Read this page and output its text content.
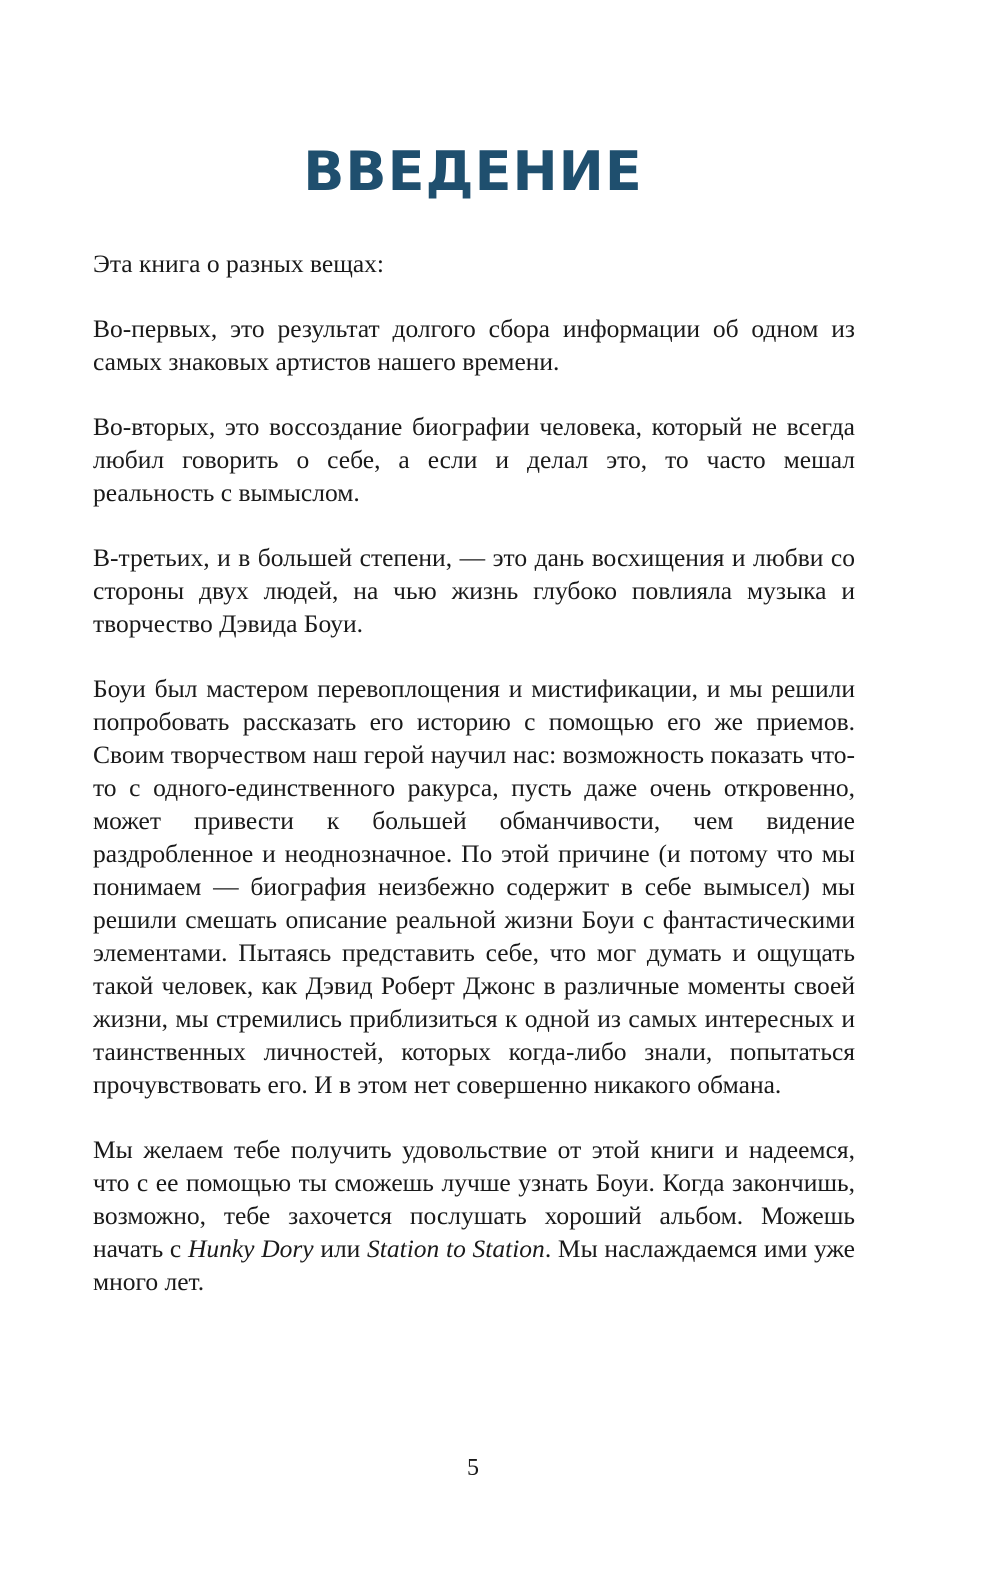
ВВЕДЕНИЕ

Эта книга о разных вещах:

Во-первых, это результат долгого сбора информации об одном из самых знаковых артистов нашего времени.

Во-вторых, это воссоздание биографии человека, который не всегда любил говорить о себе, а если и делал это, то часто мешал реальность с вымыслом.

В-третьих, и в большей степени, — это дань восхищения и любви со стороны двух людей, на чью жизнь глубоко повлияла музыка и творчество Дэвида Боуи.

Боуи был мастером перевоплощения и мистификации, и мы решили попробовать рассказать его историю с помощью его же приемов. Своим творчеством наш герой научил нас: возможность показать что-то с одного-единственного ракурса, пусть даже очень откровенно, может привести к большей обманчивости, чем видение раздробленное и неоднозначное. По этой причине (и потому что мы понимаем — биография неизбежно содержит в себе вымысел) мы решили смешать описание реальной жизни Боуи с фантастическими элементами. Пытаясь представить себе, что мог думать и ощущать такой человек, как Дэвид Роберт Джонс в различные моменты своей жизни, мы стремились приблизиться к одной из самых интересных и таинственных личностей, которых когда-либо знали, попытаться прочувствовать его. И в этом нет совершенно никакого обмана.

Мы желаем тебе получить удовольствие от этой книги и надеемся, что с ее помощью ты сможешь лучше узнать Боуи. Когда закончишь, возможно, тебе захочется послушать хороший альбом. Можешь начать с Hunky Dory или Station to Station. Мы наслаждаемся ими уже много лет.

5
